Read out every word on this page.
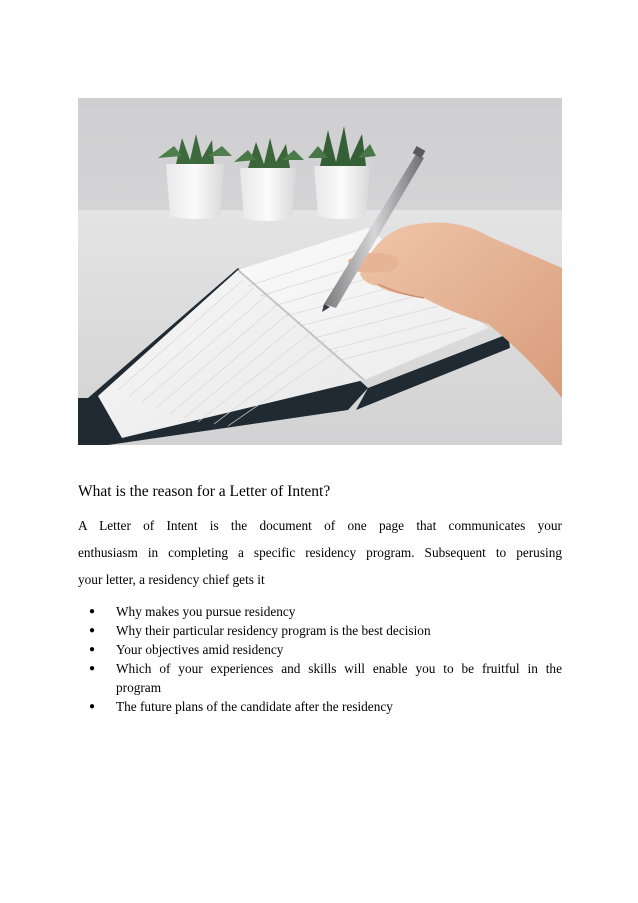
What is the reason for a Letter of Intent?
A Letter of Intent is the document of one page that communicates your
enthusiasm in completing a specific residency program. Subsequent to perusing
your letter, a residency chief gets it
● Why makes you pursue residency
● Why their particular residency program is the best decision
● Your objectives amid residency
● Which of your experiences and skills will enable you to be fruitful in the
program
● The future plans of the candidate after the residency
